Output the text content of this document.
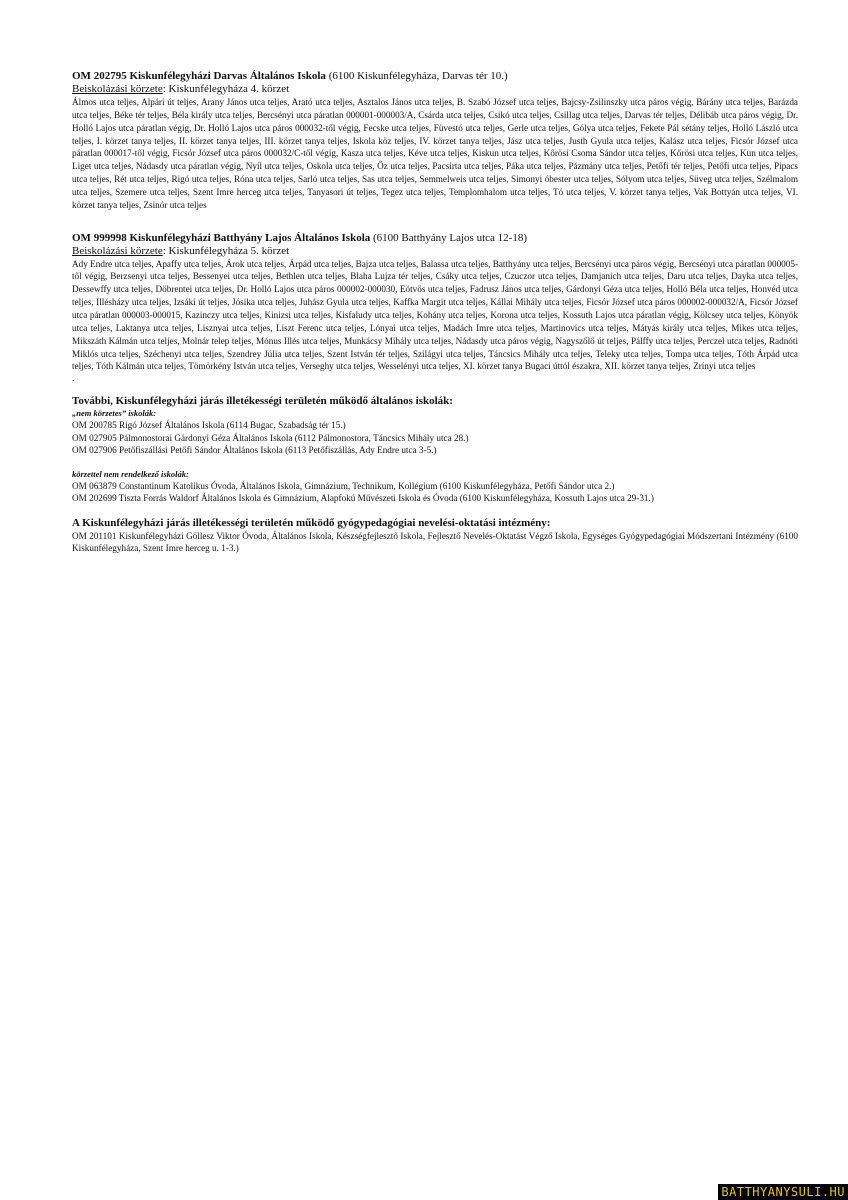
OM 202795 Kiskunfélegyházi Darvas Általános Iskola (6100 Kiskunfélegyháza, Darvas tér 10.)

Beiskolázási körzete: Kiskunfélegyháza 4. körzet

Álmos utca teljes, Alpári út teljes, Arany János utca teljes, Arató utca teljes, Asztalos János utca teljes, B. Szabó József utca teljes, Bajcsy-Zsilinszky utca páros végig, Bárány utca teljes, Barázda utca teljes, Béke tér teljes, Béla király utca teljes, Bercsényi utca páratlan 000001-000003/A, Csárda utca teljes, Csikó utca teljes, Csillag utca teljes, Darvas tér teljes, Délibáb utca páros végig, Dr. Holló Lajos utca páratlan végig, Dr. Holló Lajos utca páros 000032-től végig, Fecske utca teljes, Füvestó utca teljes, Gerle utca teljes, Gólya utca teljes, Fekete Pál sétány teljes, Holló László utca teljes, I. körzet tanya teljes, II. körzet tanya teljes, III. körzet tanya teljes, Iskola köz teljes, IV. körzet tanya teljes, Jász utca teljes, Justh Gyula utca teljes, Kalász utca teljes, Ficsór József utca páratlan 000017-től végig, Ficsór József utca páros 000032/C-től végig, Kasza utca teljes, Kéve utca teljes, Kiskun utca teljes, Kőrösi Csoma Sándor utca teljes, Kőrösi utca teljes, Kun utca teljes, Liget utca teljes, Nádasdy utca páratlan végig, Nyíl utca teljes, Oskola utca teljes, Őz utca teljes, Pacsirta utca teljes, Páka utca teljes, Pázmány utca teljes, Petőfi tér teljes, Petőfi utca teljes, Pipacs utca teljes, Rét utca teljes, Rigó utca teljes, Róna utca teljes, Sarló utca teljes, Sas utca teljes, Semmelweis utca teljes, Simonyi óbester utca teljes, Sólyom utca teljes, Süveg utca teljes, Szélmalom utca teljes, Szemere utca teljes, Szent Imre herceg utca teljes, Tanyasori út teljes, Tegez utca teljes, Templomhalom utca teljes, Tó utca teljes, V. körzet tanya teljes, Vak Bottyán utca teljes, VI. körzet tanya teljes, Zsinór utca teljes

OM 999998 Kiskunfélegyházi Batthyány Lajos Általános Iskola (6100 Batthyány Lajos utca 12-18)

Beiskolázási körzete: Kiskunfélegyháza 5. körzet

Ady Endre utca teljes, Apaffy utca teljes, Árok utca teljes, Árpád utca teljes, Bajza utca teljes, Balassa utca teljes, Batthyány utca teljes, Bercsényi utca páros végig, Bercsényi utca páratlan 000005-től végig, Berzsenyi utca teljes, Bessenyei utca teljes, Bethlen utca teljes, Blaha Lujza tér teljes, Csáky utca teljes, Czuczor utca teljes, Damjanich utca teljes, Daru utca teljes, Dayka utca teljes, Dessewffy utca teljes, Döbrentei utca teljes, Dr. Holló Lajos utca páros 000002-000030, Eötvös utca teljes, Fadrusz János utca teljes, Gárdonyi Géza utca teljes, Holló Béla utca teljes, Honvéd utca teljes, Illésházy utca teljes, Izsáki út teljes, Jósika utca teljes, Juhász Gyula utca teljes, Kaffka Margit utca teljes, Kállai Mihály utca teljes, Ficsór József utca páros 000002-000032/A, Ficsór József utca páratlan 000003-000015, Kazinczy utca teljes, Kinizsi utca teljes, Kisfaludy utca teljes, Kohány utca teljes, Korona utca teljes, Kossuth Lajos utca páratlan végig, Kölcsey utca teljes, Könyök utca teljes, Laktanya utca teljes, Lisznyai utca teljes, Liszt Ferenc utca teljes, Lónyai utca teljes, Madách Imre utca teljes, Martinovics utca teljes, Mátyás király utca teljes, Mikes utca teljes, Mikszáth Kálmán utca teljes, Molnár telep teljes, Mónus Illés utca teljes, Munkácsy Mihály utca teljes, Nádasdy utca páros végig, Nagyszőlő út teljes, Pálffy utca teljes, Perczel utca teljes, Radnóti Miklós utca teljes, Széchenyi utca teljes, Szendrey Júlia utca teljes, Szent István tér teljes, Szilágyi utca teljes, Táncsics Mihály utca teljes, Teleky utca teljes, Tompa utca teljes, Tóth Árpád utca teljes, Tóth Kálmán utca teljes, Tömörkény István utca teljes, Verseghy utca teljes, Wesselényi utca teljes, XI. körzet tanya Bugaci úttól északra, XII. körzet tanya teljes, Zrínyi utca teljes

.

További, Kiskunfélegyházi járás illetékességi területén működő általános iskolák:

„nem körzetes” iskolák:

OM 200785 Rigó József Általános Iskola (6114 Bugac, Szabadság tér 15.)

OM 027905 Pálmonostorai Gárdonyi Géza Általános Iskola (6112 Pálmonostora, Táncsics Mihály utca 28.)

OM 027906 Petőfiszállási Petőfi Sándor Általános Iskola (6113 Petőfiszállás, Ady Endre utca 3-5.)

körzettel nem rendelkező iskolák:

OM 063879 Constantinum Katolikus Óvoda, Általános Iskola, Gimnázium, Technikum, Kollégium (6100 Kiskunfélegyháza, Petőfi Sándor utca 2.)

OM 202699 Tiszta Forrás Waldorf Általános Iskola és Gimnázium, Alapfokú Művészeti Iskola és Óvoda (6100 Kiskunfélegyháza, Kossuth Lajos utca 29-31.)

A Kiskunfélegyházi járás illetékességi területén működő gyógypedagógiai nevelési-oktatási intézmény:

OM 201101 Kiskunfélegyházi Göllesz Viktor Óvoda, Általános Iskola, Készségfejlesztő Iskola, Fejlesztő Nevelés-Oktatást Végző Iskola, Egységes Gyógypedagógiai Módszertani Intézmény (6100 Kiskunfélegyháza, Szent Imre herceg u. 1-3.)

BATTHYANYSULI.HU
